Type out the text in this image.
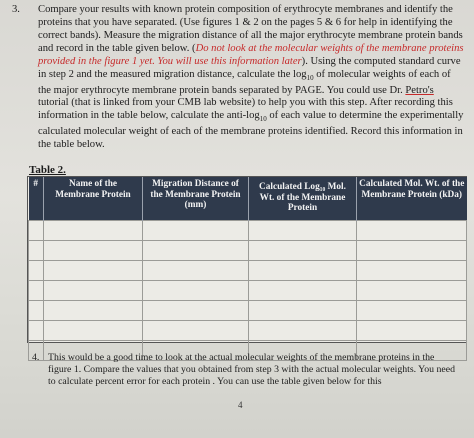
3.	Compare your results with known protein composition of erythrocyte membranes and identify the proteins that you have separated. (Use figures 1 & 2 on the pages 5 & 6 for help in identifying the correct bands). Measure the migration distance of all the major erythrocyte membrane protein bands and record in the table given below. (Do not look at the molecular weights of the membrane proteins provided in the figure 1 yet. You will use this information later). Using the computed standard curve in step 2 and the measured migration distance, calculate the $\log_{10}$ of molecular weights of each of the major erythrocyte membrane protein bands separated by PAGE. You could use Dr. Petro's tutorial (that is linked from your CMB lab website) to help you with this step. After recording this information in the table below, calculate the anti-$\log_{10}$ of each value to determine the experimentally calculated molecular weight of each of the membrane proteins identified. Record this information in the table below.
Table 2.
#	Name of the Membrane Protein	Migration Distance of the Membrane Protein (mm)	Calculated Log₁₀ Mol. Wt. of the Membrane Protein	Calculated Mol. Wt. of the Membrane Protein (kDa)

4. This would be a good time to look at the actual molecular weights of the membrane proteins in the figure 1. Compare the values that you obtained from step 3 with the actual molecular weights. You need to calculate percent error for each protein . You can use the table given below for this
4
